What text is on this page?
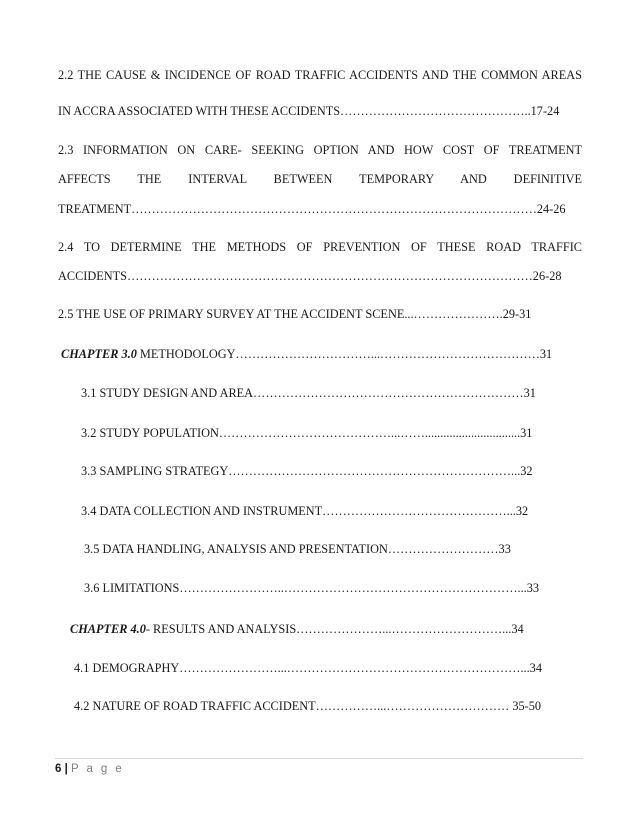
2.2 THE CAUSE & INCIDENCE OF ROAD TRAFFIC ACCIDENTS AND THE COMMON AREAS
IN ACCRA ASSOCIATED WITH THESE ACCIDENTS………………………………………..17-24
2.3 INFORMATION ON CARE- SEEKING OPTION AND HOW COST OF TREATMENT
AFFECTS THE INTERVAL BETWEEN TEMPORARY AND DEFINITIVE
TREATMENT………………………………………………………………………………………24-26
2.4 TO DETERMINE THE METHODS OF PREVENTION OF THESE ROAD TRAFFIC
ACCIDENTS………………………………………………………………………………………26-28
2.5 THE USE OF PRIMARY SURVEY AT THE ACCIDENT SCENE...………………….29-31
CHAPTER 3.0 METHODOLOGY……………………………...…………………………………31
3.1 STUDY DESIGN AND AREA…………………………………………………………31
3.2 STUDY POPULATION……………………………………...……...............................31
3.3 SAMPLING STRATEGY……………………………………………………………...32
3.4 DATA COLLECTION AND INSTRUMENT………………………………………...32
3.5 DATA HANDLING, ANALYSIS AND PRESENTATION………………………33
3.6 LIMITATIONS……………………..…………………………………………………...33
CHAPTER 4.0- RESULTS AND ANALYSIS…………………...………………………...34
4.1 DEMOGRAPHY……………………...…………………………………………………...34
4.2 NATURE OF ROAD TRAFFIC ACCIDENT……………...………………………… 35-50
6 | P a g e
